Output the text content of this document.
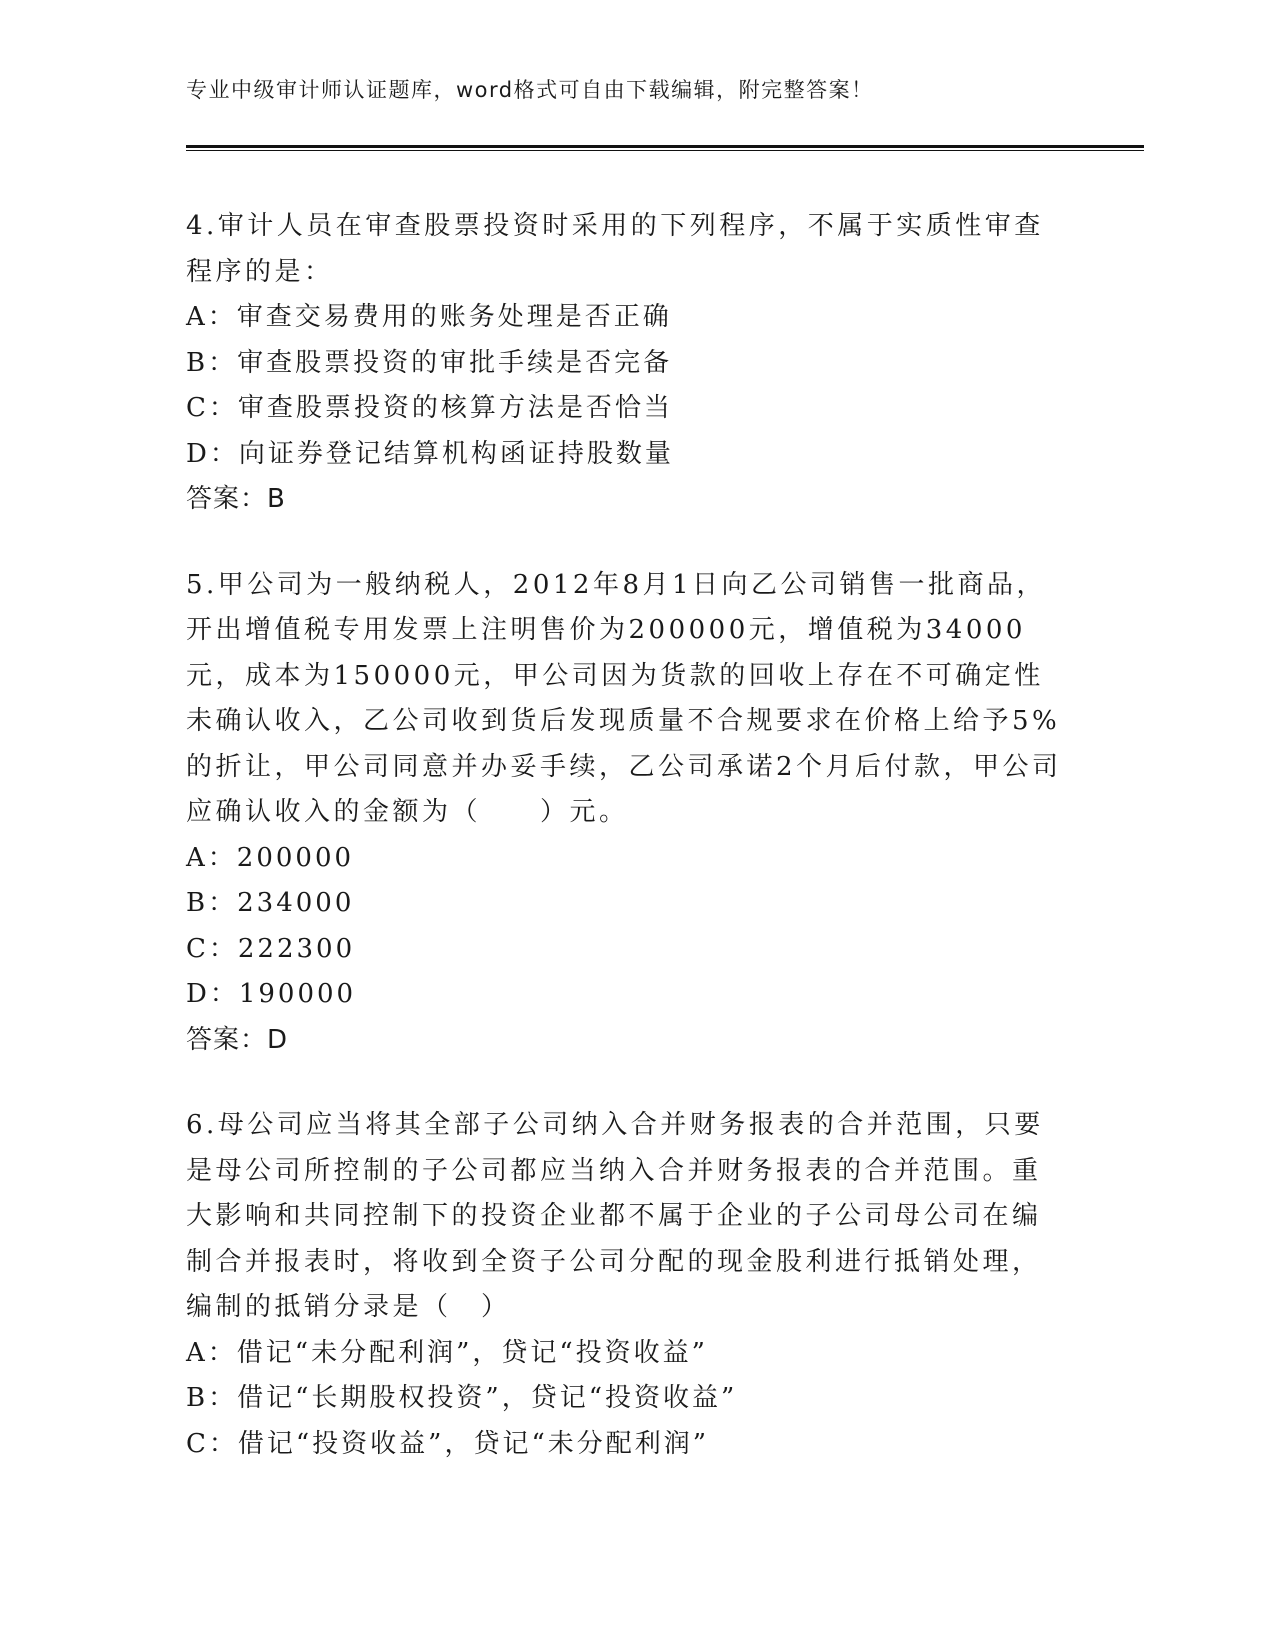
专业中级审计师认证题库，word格式可自由下载编辑，附完整答案！

4.审计人员在审查股票投资时采用的下列程序，不属于实质性审查程序的是：

A：审查交易费用的账务处理是否正确

B：审查股票投资的审批手续是否完备

C：审查股票投资的核算方法是否恰当

D：向证券登记结算机构函证持股数量

答案：B

5.甲公司为一般纳税人，2012年8月1日向乙公司销售一批商品，开出增值税专用发票上注明售价为200000元，增值税为34000元，成本为150000元，甲公司因为货款的回收上存在不可确定性未确认收入，乙公司收到货后发现质量不合规要求在价格上给予5%的折让，甲公司同意并办妥手续，乙公司承诺2个月后付款，甲公司应确认收入的金额为（　　）元。

A：200000

B：234000

C：222300

D：190000

答案：D

6.母公司应当将其全部子公司纳入合并财务报表的合并范围，只要是母公司所控制的子公司都应当纳入合并财务报表的合并范围。重大影响和共同控制下的投资企业都不属于企业的子公司母公司在编制合并报表时，将收到全资子公司分配的现金股利进行抵销处理，编制的抵销分录是（　）

A：借记“未分配利润”，贷记“投资收益”

B：借记“长期股权投资”，贷记“投资收益”

C：借记“投资收益”，贷记“未分配利润”
